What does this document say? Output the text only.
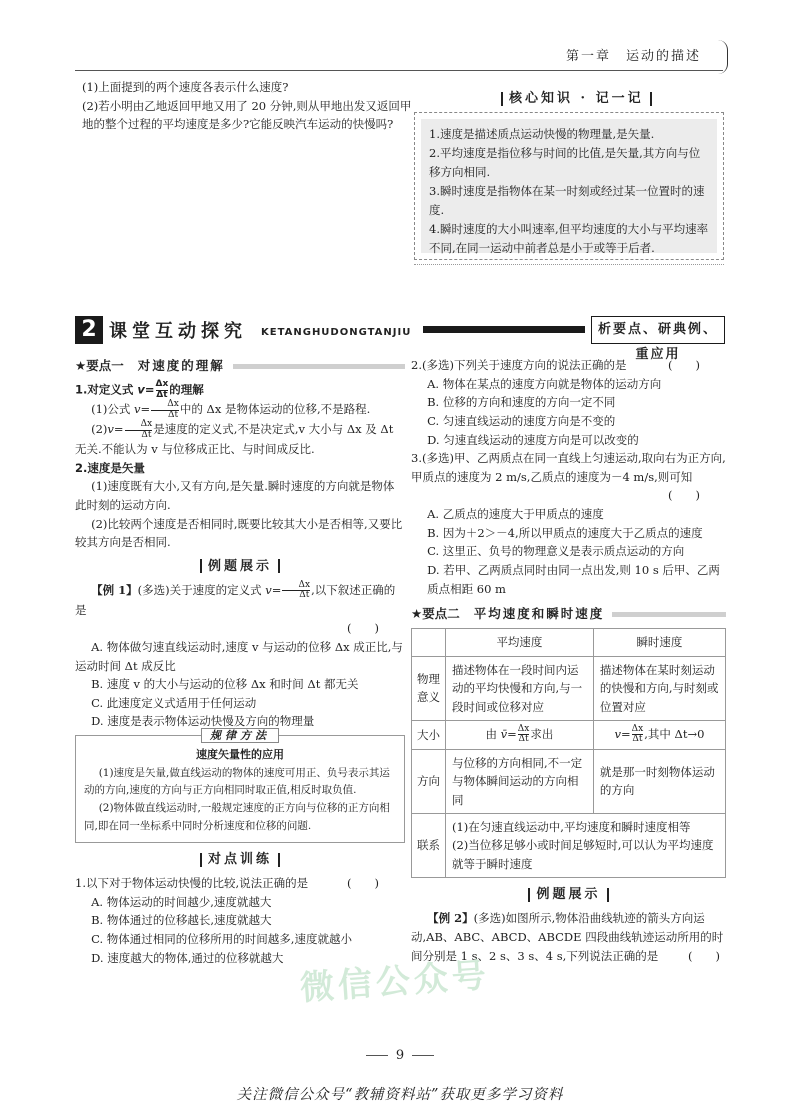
第一章　运动的描述

(1)上面提到的两个速度各表示什么速度?

(2)若小明由乙地返回甲地又用了 20 分钟,则从甲地出发又返回甲地的整个过程的平均速度是多少?它能反映汽车运动的快慢吗?

核心知识 · 记一记

1.速度是描述质点运动快慢的物理量,是矢量.

2.平均速度是指位移与时间的比值,是矢量,其方向与位移方向相同.

3.瞬时速度是指物体在某一时刻或经过某一位置时的速度.

4.瞬时速度的大小叫速率,但平均速度的大小与平均速率不同,在同一运动中前者总是小于或等于后者.

2 课堂互动探究 KETANGHUDONGTANJIU	析要点、研典例、重应用
★要点一 对速度的理解

1.对定义式 $v= \frac{\Delta x}{\Delta t}$ 的理解

(1)公式 $v= \frac{\Delta x}{\Delta t}$ 中的 Δx 是物体运动的位移,不是路程.

$(2)v= \frac{\Delta x}{\Delta t}$ 是速度的定义式,不是决定式,v 大小与 Δx 及 Δt 无关.不能认为 v 与位移成正比、与时间成反比.

2.速度是矢量

(1)速度既有大小,又有方向,是矢量.瞬时速度的方向就是物体此时刻的运动方向.

(2)比较两个速度是否相同时,既要比较其大小是否相等,又要比较其方向是否相同.

例题展示

【例 1】(多选)关于速度的定义式 $v= \frac{\Delta x}{\Delta t}$ ,以下叙述正确的是

(　　)

A. 物体做匀速直线运动时,速度 v 与运动的位移 Δx 成正比,与运动时间 Δt 成反比

B. 速度 v 的大小与运动的位移 Δx 和时间 Δt 都无关

C. 此速度定义式适用于任何运动

D. 速度是表示物体运动快慢及方向的物理量

规律方法

速度矢量性的应用

(1)速度是矢量,做直线运动的物体的速度可用正、负号表示其运动的方向,速度的方向与正方向相同时取正值,相反时取负值.

(2)物体做直线运动时,一般规定速度的正方向与位移的正方向相同,即在同一坐标系中同时分析速度和位移的问题.

对点训练

1.以下对于物体运动快慢的比较,说法正确的是	(　　)

A. 物体运动的时间越少,速度就越大

B. 物体通过的位移越长,速度就越大

C. 物体通过相同的位移所用的时间越多,速度就越小

D. 速度越大的物体,通过的位移就越大

2.(多选)下列关于速度方向的说法正确的是	(　　)

A. 物体在某点的速度方向就是物体的运动方向

B. 位移的方向和速度的方向一定不同

C. 匀速直线运动的速度方向是不变的

D. 匀速直线运动的速度方向是可以改变的

3.(多选)甲、乙两质点在同一直线上匀速运动,取向右为正方向,甲质点的速度为 2 m/s,乙质点的速度为－4 m/s,则可知

(　　)

A. 乙质点的速度大于甲质点的速度

B. 因为＋2＞－4,所以甲质点的速度大于乙质点的速度

C. 这里正、负号的物理意义是表示质点运动的方向

D. 若甲、乙两质点同时由同一点出发,则 10 s 后甲、乙两质点相距 60 m

★要点二 平均速度和瞬时速度
	平均速度	瞬时速度
物理意义	描述物体在一段时间内运动的平均快慢和方向,与一段时间或位移对应	描述物体在某时刻运动的快慢和方向,与时刻或位置对应
大小	由 v̄= $\frac{\Delta x}{\Delta t}$ 求出	$v= \frac{\Delta x}{\Delta t}$ ,其中 Δt→0
方向	与位移的方向相同,不一定与物体瞬间运动的方向相同	就是那一时刻物体运动的方向
联系	(1)在匀速直线运动中,平均速度和瞬时速度相等

(2)当位移足够小或时间足够短时,可以认为平均速度就等于瞬时速度	

例题展示

【例 2】(多选)如图所示,物体沿曲线轨迹的箭头方向运动,AB、ABC、ABCD、ABCDE 四段曲线轨迹运动所用的时间分别是 1 s、2 s、3 s、4 s,下列说法正确的是	(　　)

微信公众号
9
关注微信公众号“教辅资料站”获取更多学习资料
